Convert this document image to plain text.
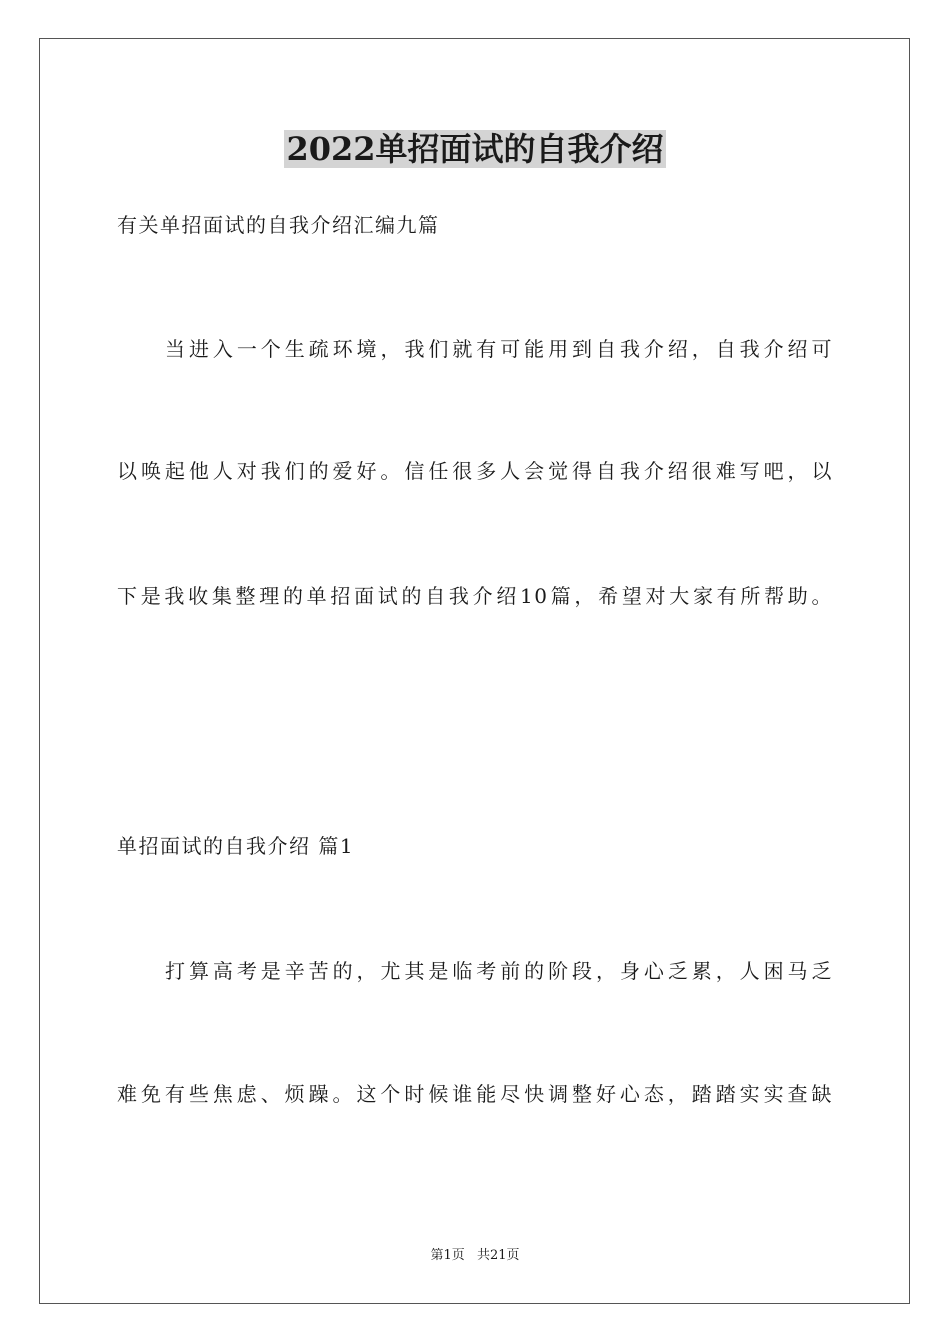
2022单招面试的自我介绍
有关单招面试的自我介绍汇编九篇
当进入一个生疏环境，我们就有可能用到自我介绍，自我介绍可
以唤起他人对我们的爱好。信任很多人会觉得自我介绍很难写吧，以
下是我收集整理的单招面试的自我介绍10篇，希望对大家有所帮助。
单招面试的自我介绍 篇1
打算高考是辛苦的，尤其是临考前的阶段，身心乏累，人困马乏
难免有些焦虑、烦躁。这个时候谁能尽快调整好心态，踏踏实实查缺
第1页 共21页
